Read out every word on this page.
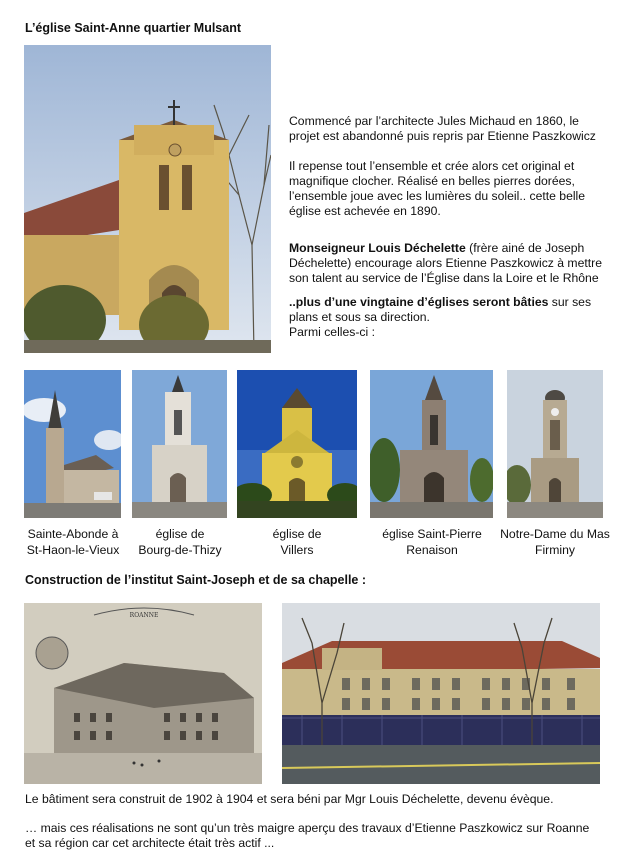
L’église Saint-Anne quartier Mulsant

Commencé par l’architecte Jules Michaud en 1860, le projet est abandonné puis repris par Etienne Paszkowicz

Il repense tout l’ensemble et crée alors cet original et magnifique clocher. Réalisé en belles pierres dorées, l’ensemble joue avec les lumières du soleil.. cette belle église est achevée en 1890.

Monseigneur Louis Déchelette (frère ainé de Joseph Déchelette) encourage alors Etienne Paszkowicz à mettre son talent au service de l’Église dans la Loire et le Rhône

..plus d’une vingtaine d’églises seront bâties sur ses plans et sous sa direction.
Parmi celles-ci :

Sainte-Abonde à
St-Haon-le-Vieux
église de
Bourg-de-Thizy
église de
Villers
église Saint-Pierre
Renaison
Notre-Dame du Mas
Firminy
Construction de l’institut Saint-Joseph et de sa chapelle :
ROANNE
Le bâtiment sera construit de 1902 à 1904 et sera béni par Mgr Louis Déchelette, devenu évèque.
… mais ces réalisations ne sont qu’un très maigre aperçu des travaux d’Etienne Paszkowicz sur Roanne
et sa région car cet architecte était très actif ...
